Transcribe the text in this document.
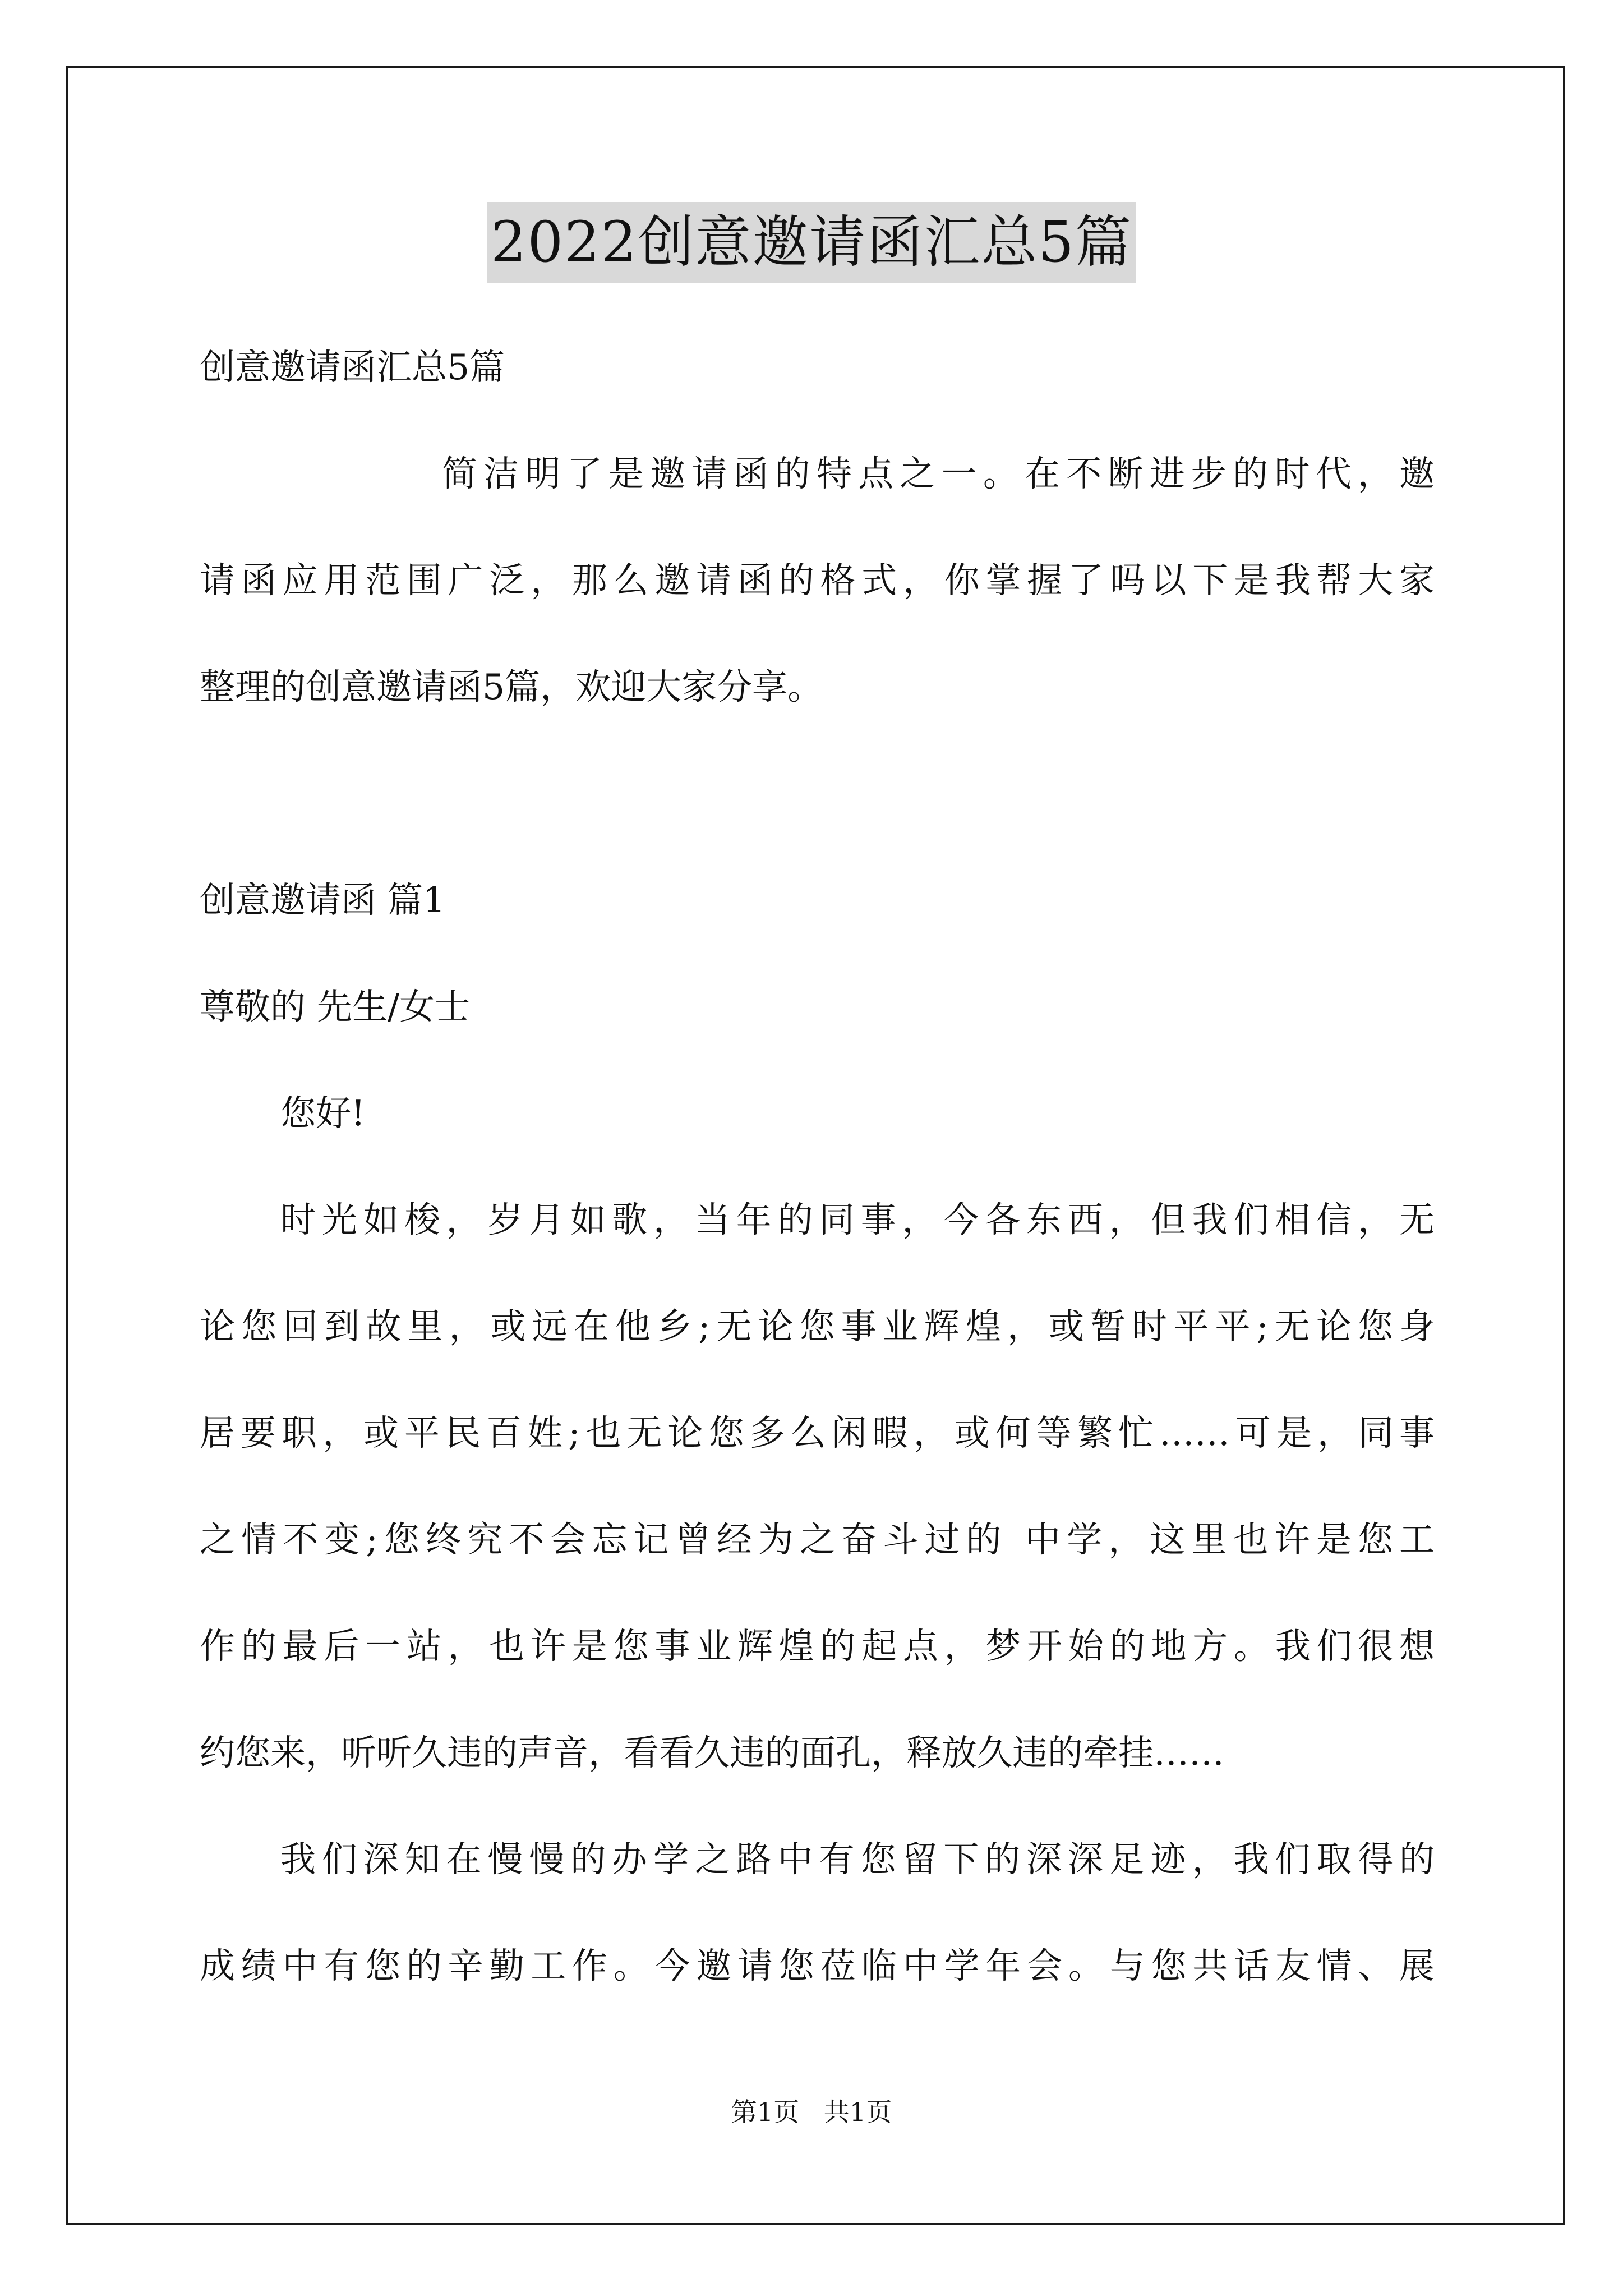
2022创意邀请函汇总5篇

创意邀请函汇总5篇

简洁明了是邀请函的特点之一。在不断进步的时代，邀

请函应用范围广泛，那么邀请函的格式，你掌握了吗以下是我帮大家

整理的创意邀请函5篇，欢迎大家分享。

创意邀请函 篇1

尊敬的 先生/女士

您好!

时光如梭，岁月如歌，当年的同事，今各东西，但我们相信，无

论您回到故里，或远在他乡;无论您事业辉煌，或暂时平平;无论您身

居要职，或平民百姓;也无论您多么闲暇，或何等繁忙……可是，同事

之情不变;您终究不会忘记曾经为之奋斗过的 中学，这里也许是您工

作的最后一站，也许是您事业辉煌的起点，梦开始的地方。我们很想

约您来，听听久违的声音，看看久违的面孔，释放久违的牵挂……

我们深知在慢慢的办学之路中有您留下的深深足迹，我们取得的

成绩中有您的辛勤工作。今邀请您莅临中学年会。与您共话友情、展

第1页   共1页
